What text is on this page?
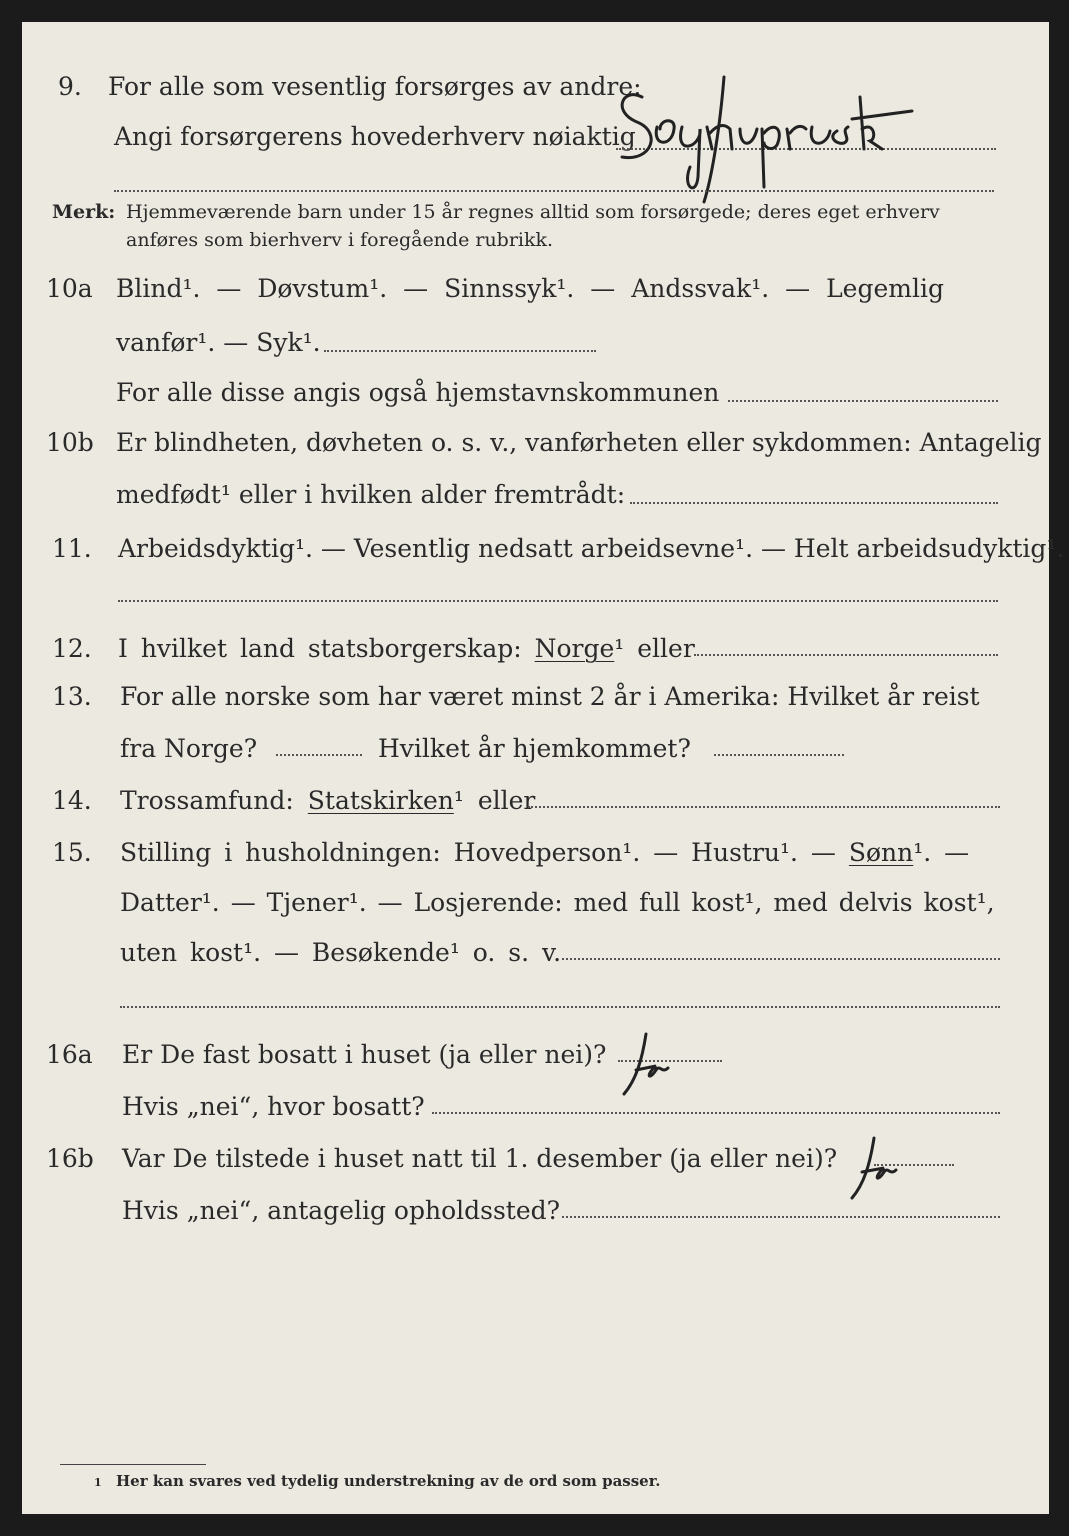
9. For alle som vesentlig forsørges av andre:
Angi forsørgerens hovederhverv nøiaktig
Sognepræst
Merk: Hjemmeværende barn under 15 år regnes alltid som forsørgede; deres eget erhverv
anføres som bierhverv i foregående rubrikk.
10a Blind¹. — Døvstum¹. — Sinnssyk¹. — Andssvak¹. — Legemlig
vanfør¹. — Syk¹.
For alle disse angis også hjemstavnskommunen
10b Er blindheten, døvheten o. s. v., vanførheten eller sykdommen: Antagelig
medfødt¹ eller i hvilken alder fremtrådt:
11. Arbeidsdyktig¹. — Vesentlig nedsatt arbeidsevne¹. — Helt arbeidsudyktig¹.
12. I hvilket land statsborgerskap: Norge¹ eller
13. For alle norske som har været minst 2 år i Amerika: Hvilket år reist
fra Norge?	Hvilket år hjemkommet?
14. Trossamfund: Statskirken¹ eller
15. Stilling i husholdningen: Hovedperson¹. — Hustru¹. — Sønn¹. —
Datter¹. — Tjener¹. — Losjerende: med full kost¹, med delvis kost¹,
uten kost¹. — Besøkende¹ o. s. v.
16a Er De fast bosatt i huset (ja eller nei)?
Ja
Hvis „nei“, hvor bosatt?
16b Var De tilstede i huset natt til 1. desember (ja eller nei)?
Ja
Hvis „nei“, antagelig opholdssted?
1 Her kan svares ved tydelig understrekning av de ord som passer.
